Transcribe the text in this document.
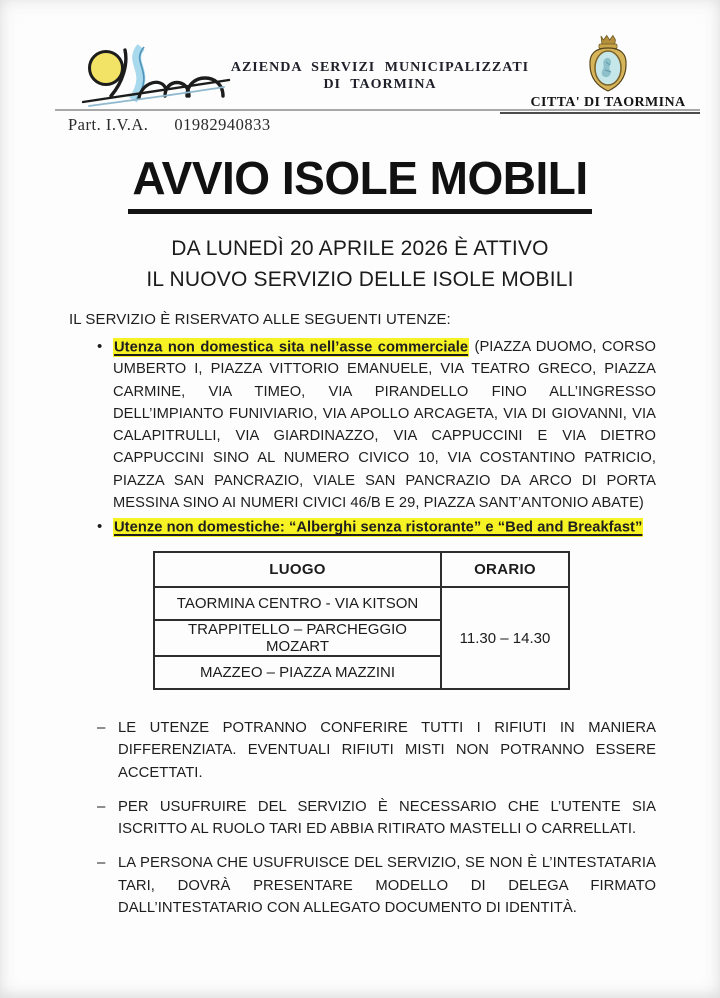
AZIENDA SERVIZI MUNICIPALIZZATI
DI TAORMINA
CITTA' DI TAORMINA
Part. I.V.A. 01982940833
AVVIO ISOLE MOBILI
DA LUNEDÌ 20 APRILE 2026 È ATTIVO
IL NUOVO SERVIZIO DELLE ISOLE MOBILI
IL SERVIZIO È RISERVATO ALLE SEGUENTI UTENZE:
• Utenza non domestica sita nell’asse commerciale (PIAZZA DUOMO, CORSO UMBERTO I, PIAZZA VITTORIO EMANUELE, VIA TEATRO GRECO, PIAZZA CARMINE, VIA TIMEO, VIA PIRANDELLO FINO ALL’INGRESSO DELL’IMPIANTO FUNIVIARIO, VIA APOLLO ARCAGETA, VIA DI GIOVANNI, VIA CALAPITRULLI, VIA GIARDINAZZO, VIA CAPPUCCINI E VIA DIETRO CAPPUCCINI SINO AL NUMERO CIVICO 10, VIA COSTANTINO PATRICIO, PIAZZA SAN PANCRAZIO, VIALE SAN PANCRAZIO DA ARCO DI PORTA MESSINA SINO AI NUMERI CIVICI 46/B E 29, PIAZZA SANT’ANTONIO ABATE)
• Utenze non domestiche: “Alberghi senza ristorante” e “Bed and Breakfast”
LUOGO	ORARIO
TAORMINA CENTRO - VIA KITSON	11.30 – 14.30
TRAPPITELLO – PARCHEGGIO MOZART	
MAZZEO – PIAZZA MAZZINI	
– LE UTENZE POTRANNO CONFERIRE TUTTI I RIFIUTI IN MANIERA DIFFERENZIATA. EVENTUALI RIFIUTI MISTI NON POTRANNO ESSERE ACCETTATI.
– PER USUFRUIRE DEL SERVIZIO È NECESSARIO CHE L’UTENTE SIA ISCRITTO AL RUOLO TARI ED ABBIA RITIRATO MASTELLI O CARRELLATI.
– LA PERSONA CHE USUFRUISCE DEL SERVIZIO, SE NON È L’INTESTATARIA TARI, DOVRÀ PRESENTARE MODELLO DI DELEGA FIRMATO DALL’INTESTATARIO CON ALLEGATO DOCUMENTO DI IDENTITÀ.
